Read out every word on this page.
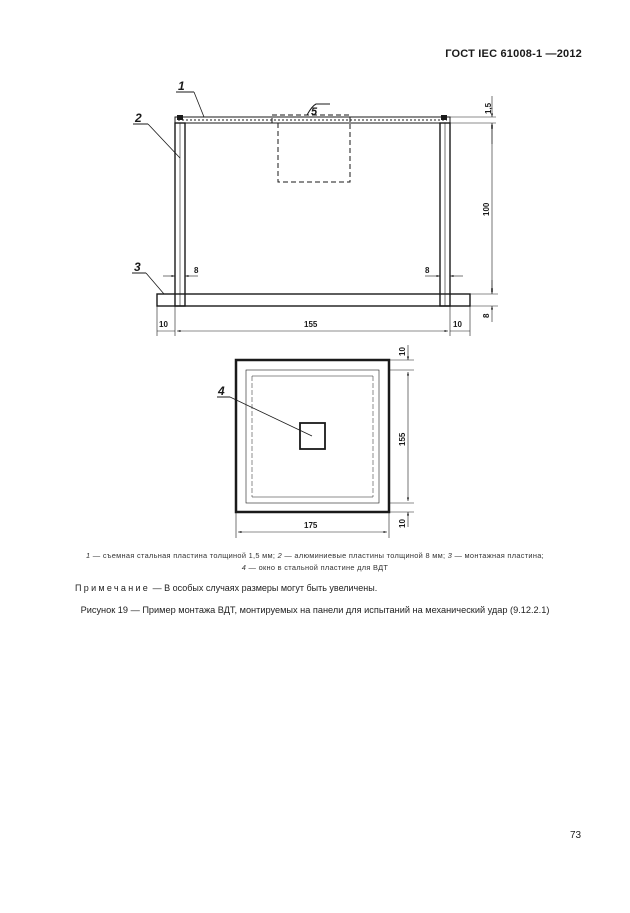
ГОСТ IEC 61008-1 —2012
1
2
3
4
5	1,5
100
8	8
8
10	155	10
10
155
10
175
1 — съемная стальная пластина толщиной 1,5 мм; 2 — алюминиевые пластины толщиной 8 мм; 3 — монтажная пластина;
4 — окно в стальной пластине для ВДТ
Примечание — В особых случаях размеры могут быть увеличены.
Рисунок 19 — Пример монтажа ВДТ, монтируемых на панели для испытаний на механический удар (9.12.2.1)
73
